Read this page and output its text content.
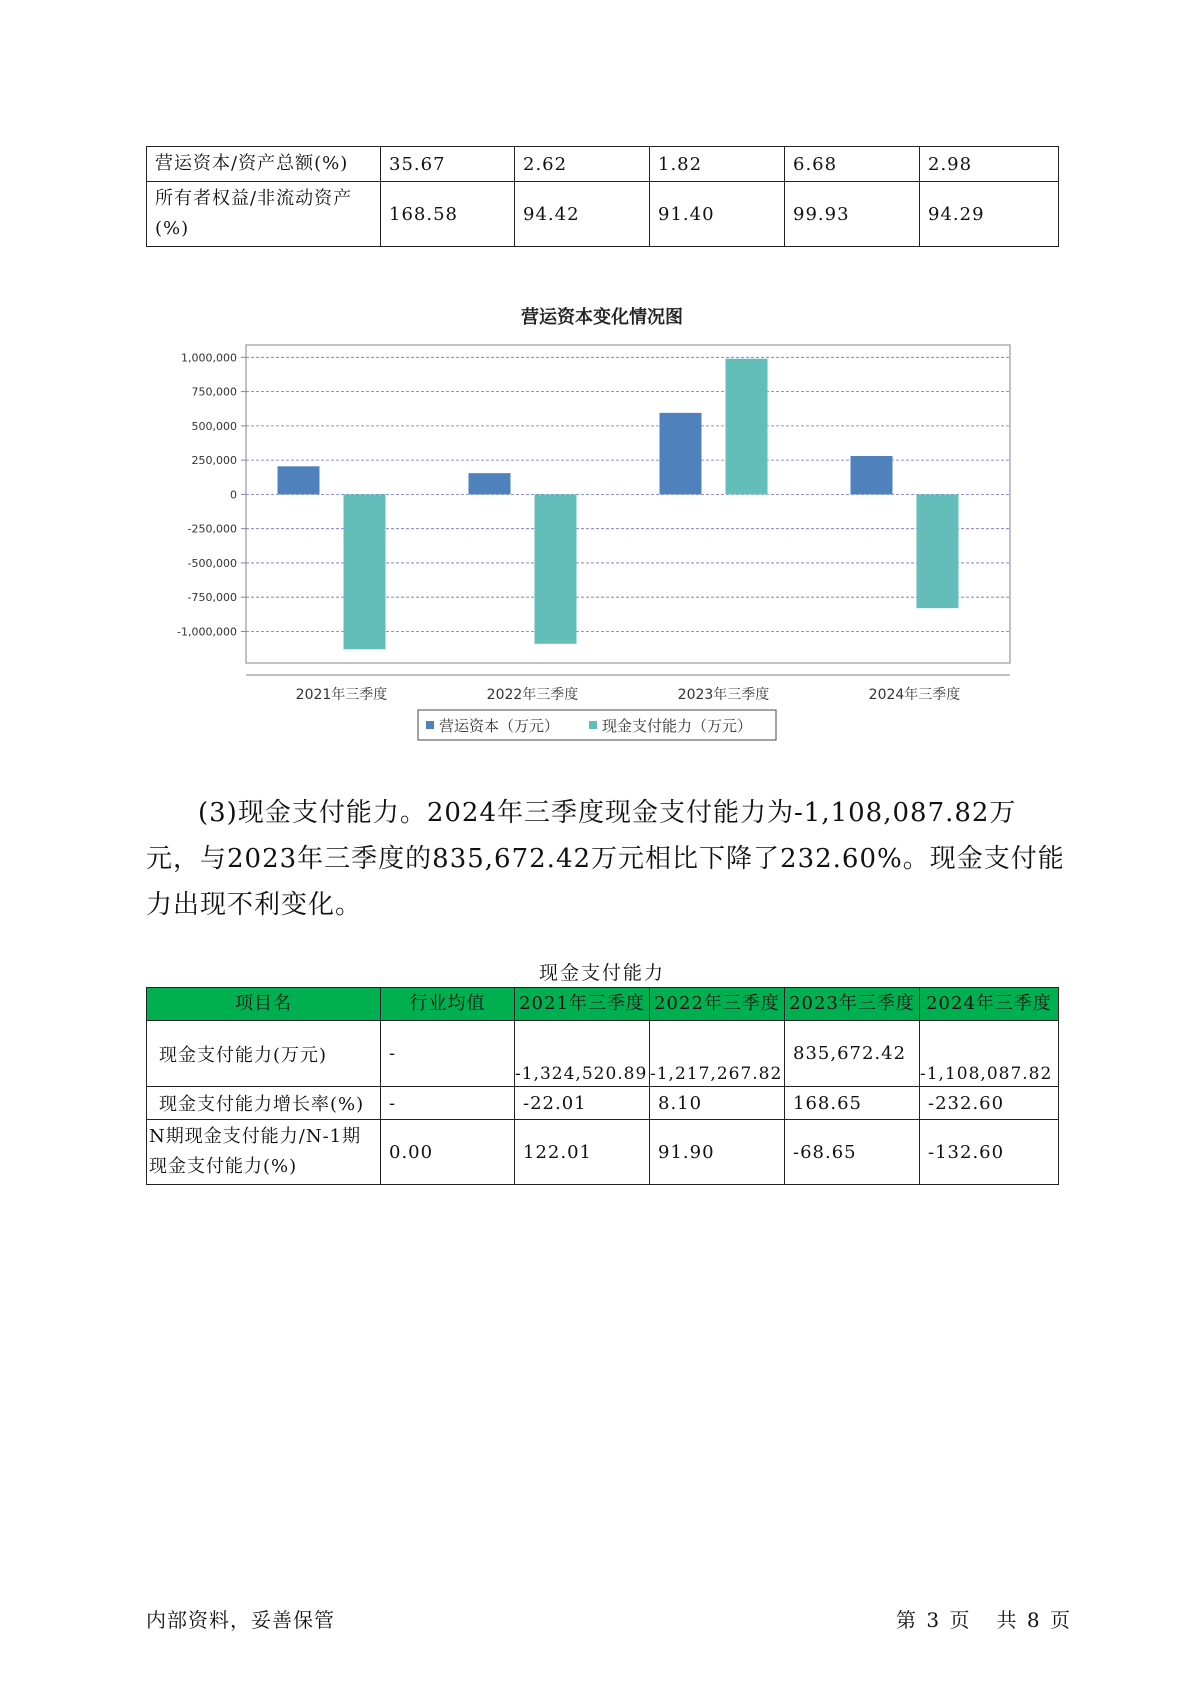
营运资本/资产总额(%)	35.67	2.62	1.82	6.68	2.98
所有者权益/非流动资产(%)	168.58	94.42	91.40	99.93	94.29
营运资本变化情况图
1,000,000
750,000
500,000
250,000
0
-250,000
-500,000
-750,000
-1,000,000
2021年三季度	2022年三季度	2023年三季度	2024年三季度
营运资本（万元）	现金支付能力（万元）

(3)现金支付能力。2024年三季度现金支付能力为-1,108,087.82万元，与2023年三季度的835,672.42万元相比下降了232.60%。现金支付能力出现不利变化。

现金支付能力
项目名	行业均值	2021年三季度	2022年三季度	2023年三季度	2024年三季度
现金支付能力(万元)	-	-1,324,520.89	-1,217,267.82	835,672.42	-1,108,087.82
现金支付能力增长率(%)	-	-22.01	8.10	168.65	-232.60
N期现金支付能力/N-1期现金支付能力(%)	0.00	122.01	91.90	-68.65	-132.60
内部资料，妥善保管	第 3 页   共 8 页
